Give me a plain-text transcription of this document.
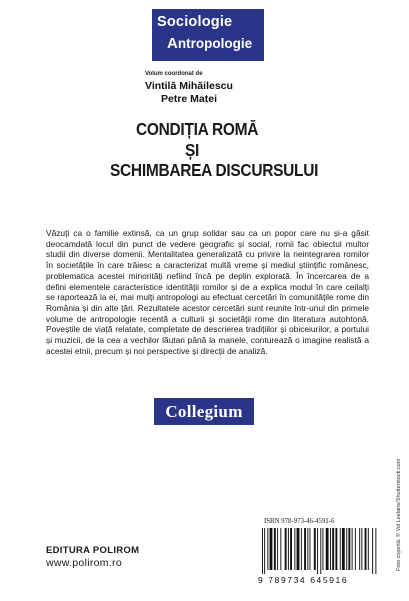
Sociologie
Antropologie
Volum coordonat de
Vintilă Mihăilescu
Petre Matei
CONDIȚIA ROMĂ
ȘI
SCHIMBAREA DISCURSULUI
Văzuți ca o familie extinsă, ca un grup solidar sau ca un popor care nu și-a găsit deocamdată locul din punct de vedere geografic și social, romii fac obiectul multor studii din diverse domenii. Mentalitatea generalizată cu privire la neintegrarea romilor în societățile în care trăiesc a caracterizat multă vreme și mediul științific românesc, problematica acestei minorități nefiind încă pe deplin explorată. În încercarea de a defini elementele caracteristice identității romilor și de a explica modul în care ceilalți se raportează la ei, mai mulți antropologi au efectuat cercetări în comunitățile rome din România și din alte țări. Rezultatele acestor cercetări sunt reunite într-unul din primele volume de antropologie recentă a culturii și societății rome din literatura autohtonă. Poveștile de viață relatate, completate de descrierea tradițiilor și obiceiurilor, a portului și muzicii, de la cea a vechilor lăutari până la manele, conturează o imagine realistă a acestei etnii, precum și noi perspective și direcții de analiză.
Collegium
Foto copertă: © Vol Leelane/Shutterstock.com
EDITURA POLIROM
www.polirom.ro
ISBN 978-973-46-4591-6
9 789734 645916
